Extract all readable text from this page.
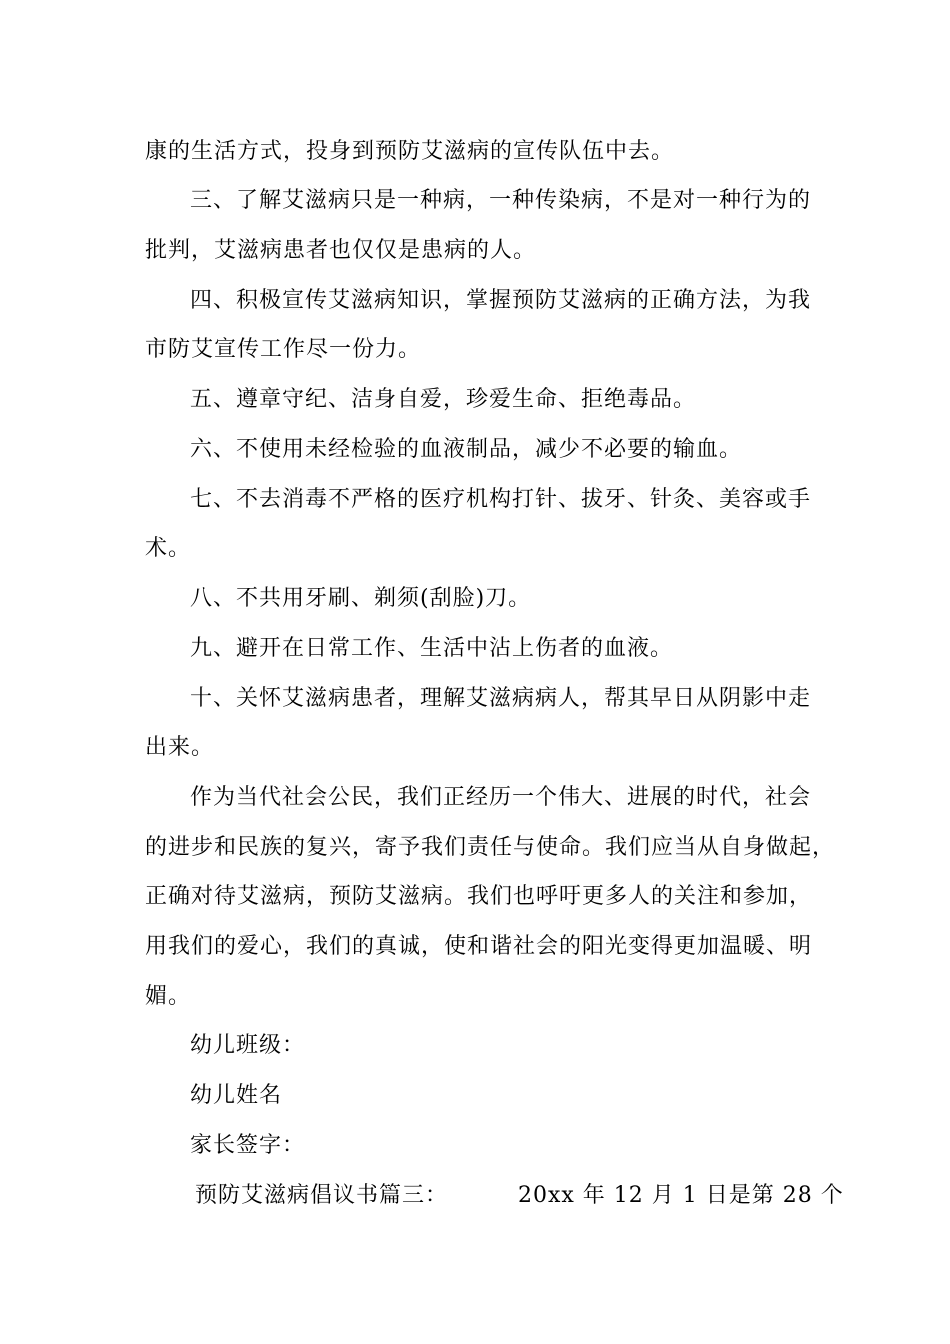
康的生活方式，投身到预防艾滋病的宣传队伍中去。
三、了解艾滋病只是一种病，一种传染病，不是对一种行为的
批判，艾滋病患者也仅仅是患病的人。
四、积极宣传艾滋病知识，掌握预防艾滋病的正确方法，为我
市防艾宣传工作尽一份力。
五、遵章守纪、洁身自爱，珍爱生命、拒绝毒品。
六、不使用未经检验的血液制品，减少不必要的输血。
七、不去消毒不严格的医疗机构打针、拔牙、针灸、美容或手
术。
八、不共用牙刷、剃须(刮脸)刀。
九、避开在日常工作、生活中沾上伤者的血液。
十、关怀艾滋病患者，理解艾滋病病人，帮其早日从阴影中走
出来。
作为当代社会公民，我们正经历一个伟大、进展的时代，社会
的进步和民族的复兴，寄予我们责任与使命。我们应当从自身做起，
正确对待艾滋病，预防艾滋病。我们也呼吁更多人的关注和参加，
用我们的爱心，我们的真诚，使和谐社会的阳光变得更加温暖、明
媚。
幼儿班级：
幼儿姓名
家长签字：
预防艾滋病倡议书篇三：	20xx 年 12 月 1 日是第 28 个
